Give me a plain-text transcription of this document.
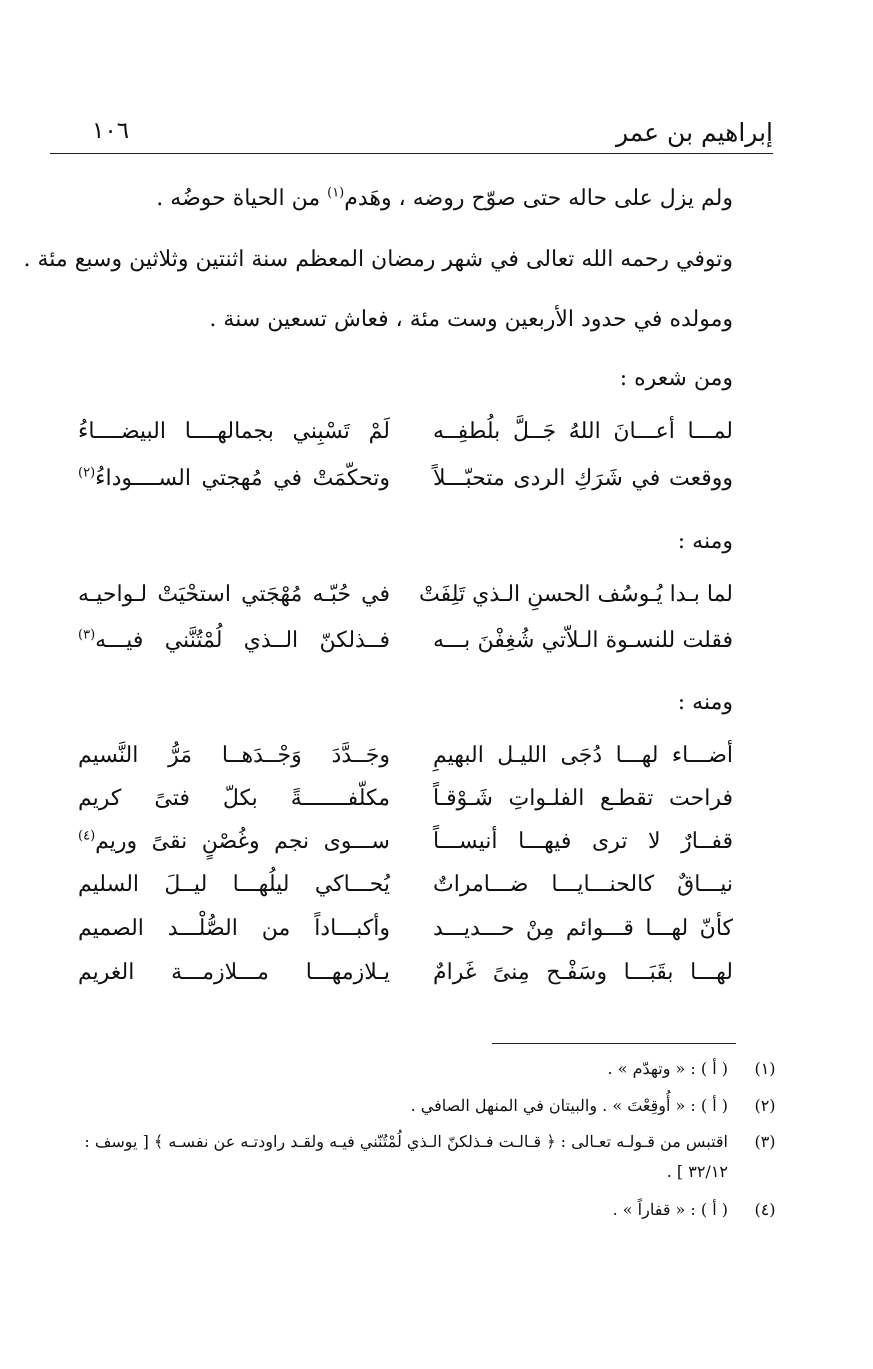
إبراهيم بن عمر
١٠٦
ولم يزل على حاله حتى صوّح روضه ، وهَدم$^{(١)}$ من الحياة حوضُه .
وتوفي رحمه الله تعالى في شهر رمضان المعظم سنة اثنتين وثلاثين وسبع مئة .
ومولده في حدود الأربعين وست مئة ، فعاش تسعين سنة .
ومن شعره :
لمـــا أعـــانَ اللهُ جَــلَّ بلُطفِــه
لَمْ تَسْبِني بجمالهــــا البيضــــاءُ
ووقعت في شَرَكِ الردى متحبّـــلاً
وتحكّمَتْ في مُهجتي الســــوداءُ$^{(٢)}$
ومنه :
لما بـدا يُـوسُف الحسنِ الـذي تَلِفَتْ
في حُبّـه مُهْجَتي استحْيَتْ لـواحيـه
فقلت للنسـوة الـلاّتي شُغِفْنَ بـــه
فــذلكنّ الــذي لُمْتُنَّني فيـــه$^{(٣)}$
ومنه :
أضـــاء لهـــا دُجَى الليـل البهيمِ
وجَــدَّدَ وَجْــدَهــا مَرُّ النَّسيم
فراحت تقطـع الفلـواتِ شَـوْقـاً
مكلّفـــــــةً بكلّ فتىً كريم
قفــارٌ لا ترى فيهـــا أنيســـاً
ســـوى نجم وغُصْنٍ نقىً وريم$^{(٤)}$
نيـــاقٌ كالحنـــايـــا ضـــامراتٌ
يُحـــاكي ليلُهـــا ليــلَ السليم
كأنّ لهـــا قـــوائم مِنْ حـــديـــد
وأكبـــاداً من الصُّلْـــد الصميم
لهـــا بقَبَـــا وسَفْـح مِنىً غَرامٌ
يـلازمهـــا مـــلازمـــة الغريم
(١)
( أ ) : « وتهدّم » .
(٢)
( أ ) : « أُوقِعْتَ » . والبيتان في المنهل الصافي .
(٣)
اقتبس من قـولـه تعـالى : ﴿ قـالـت فـذلكنّ الـذي لُمْتُنّني فيـه ولقـد راودتـه عن نفسـه ﴾ [ يوسف : ٣٢/١٢ ] .
(٤)
( أ ) : « قفاراً » .
